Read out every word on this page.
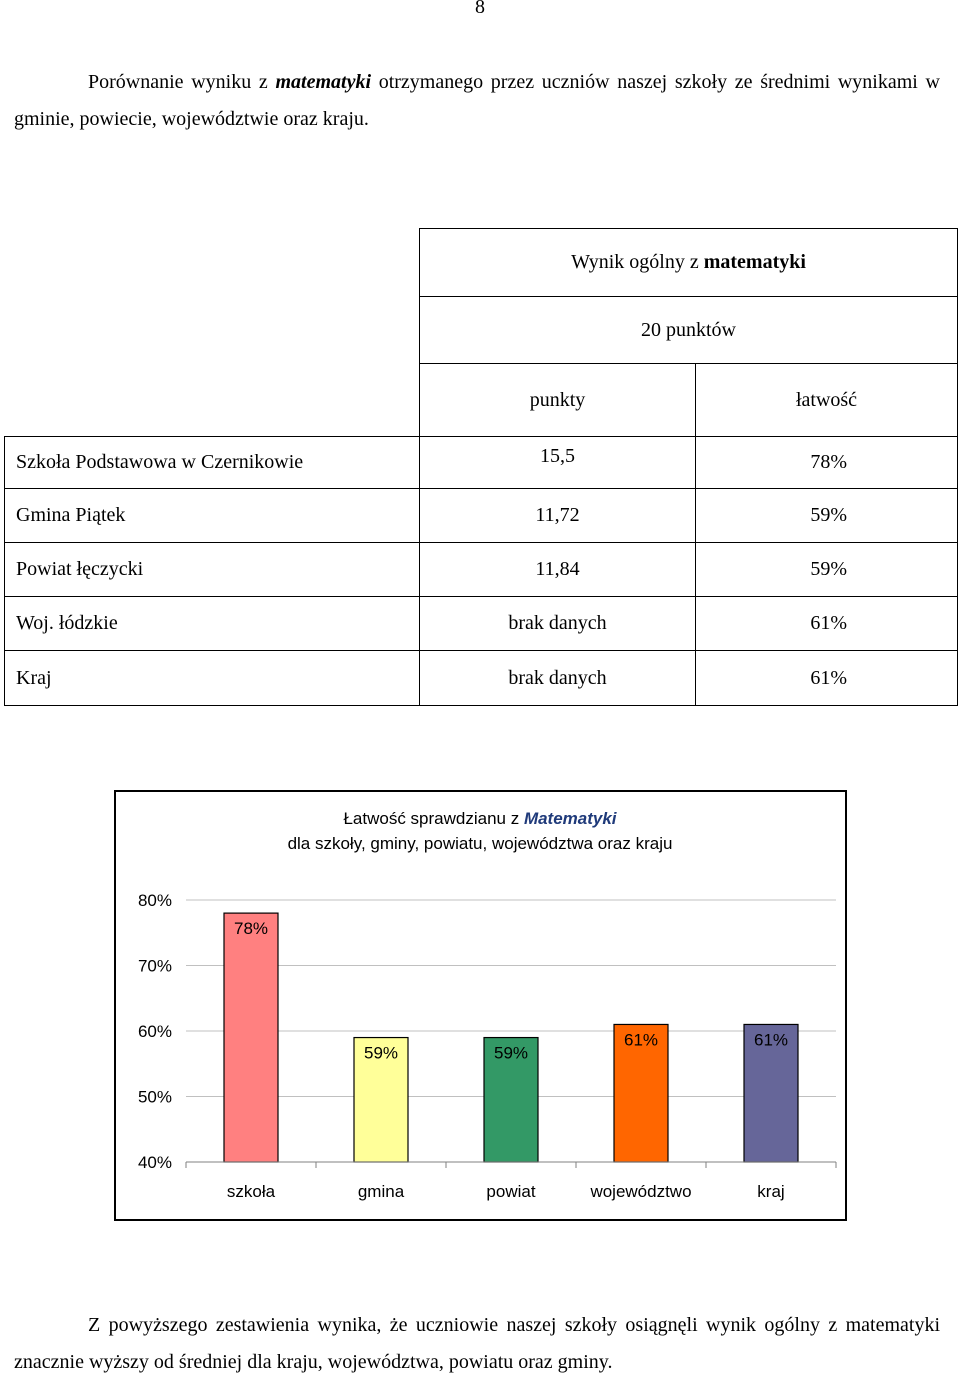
8

Porównanie wyniku z matematyki otrzymanego przez uczniów naszej szkoły ze średnimi wynikami w gminie, powiecie, województwie oraz kraju.

	Wynik ogólny z matematyki	
	20 punktów	
	punkty	łatwość
Szkoła Podstawowa w Czernikowie	15,5	78%
Gmina Piątek	11,72	59%
Powiat łęczycki	11,84	59%
Woj. łódzkie	brak danych	61%
Kraj	brak danych	61%
Łatwość sprawdzianu z Matematyki
dla szkoły, gminy, powiatu, województwa oraz kraju
78%
59%	59%
61%	61%
80%
70%
60%
50%
40%
szkoła	gmina	powiat	województwo	kraj

Z powyższego zestawienia wynika, że uczniowie naszej szkoły osiągnęli wynik ogólny z matematyki znacznie wyższy od średniej dla kraju, województwa, powiatu oraz gminy.
